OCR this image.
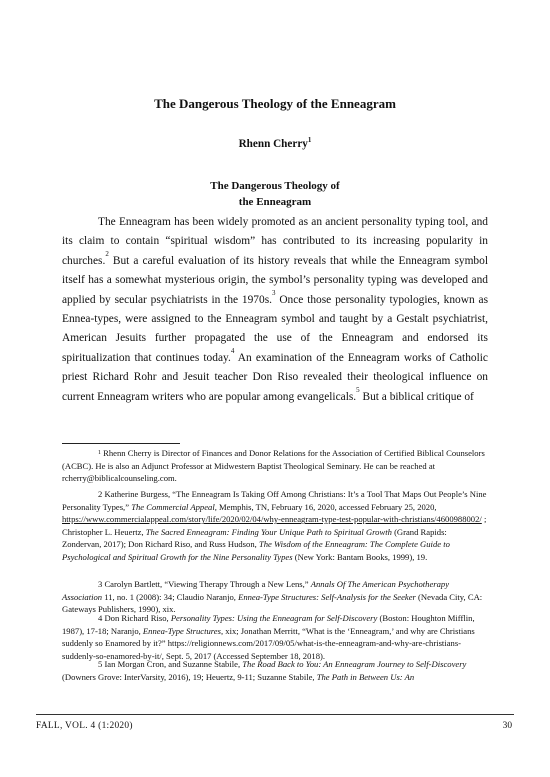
The Dangerous Theology of the Enneagram
Rhenn Cherry$^1$
The Dangerous Theology of
the Enneagram

The Enneagram has been widely promoted as an ancient personality typing tool, and its claim to contain “spiritual wisdom” has contributed to its increasing popularity in churches.$^2$ But a careful evaluation of its history reveals that while the Enneagram symbol itself has a somewhat mysterious origin, the symbol’s personality typing was developed and applied by secular psychiatrists in the 1970s.$^3$ Once those personality typologies, known as Ennea-types, were assigned to the Enneagram symbol and taught by a Gestalt psychiatrist, American Jesuits further propagated the use of the Enneagram and endorsed its spiritualization that continues today.$^4$ An examination of the Enneagram works of Catholic priest Richard Rohr and Jesuit teacher Don Riso revealed their theological influence on current Enneagram writers who are popular among evangelicals.$^5$ But a biblical critique of

$^1$ Rhenn Cherry is Director of Finances and Donor Relations for the Association of Certified Biblical Counselors (ACBC). He is also an Adjunct Professor at Midwestern Baptist Theological Seminary. He can be reached at rcherry@biblicalcounseling.com.

2 Katherine Burgess, “The Enneagram Is Taking Off Among Christians: It’s a Tool That Maps Out People’s Nine Personality Types,” The Commercial Appeal, Memphis, TN, February 16, 2020, accessed February 25, 2020, https://www.commercialappeal.com/story/life/2020/02/04/why-enneagram-type-test-popular-with-christians/4600988002/ ; Christopher L. Heuertz, The Sacred Enneagram: Finding Your Unique Path to Spiritual Growth (Grand Rapids: Zondervan, 2017); Don Richard Riso, and Russ Hudson, The Wisdom of the Enneagram: The Complete Guide to Psychological and Spiritual Growth for the Nine Personality Types (New York: Bantam Books, 1999), 19.

3 Carolyn Bartlett, “Viewing Therapy Through a New Lens,” Annals Of The American Psychotherapy Association 11, no. 1 (2008): 34; Claudio Naranjo, Ennea-Type Structures: Self-Analysis for the Seeker (Nevada City, CA: Gateways Publishers, 1990), xix.

4 Don Richard Riso, Personality Types: Using the Enneagram for Self-Discovery (Boston: Houghton Mifflin, 1987), 17-18; Naranjo, Ennea-Type Structures, xix; Jonathan Merritt, “What is the ‘Enneagram,’ and why are Christians suddenly so Enamored by it?” https://religionnews.com/2017/09/05/what-is-the-enneagram-and-why-are-christians-suddenly-so-enamored-by-it/, Sept. 5, 2017 (Accessed September 18, 2018).

5 Ian Morgan Cron, and Suzanne Stabile, The Road Back to You: An Enneagram Journey to Self-Discovery (Downers Grove: InterVarsity, 2016), 19; Heuertz, 9-11; Suzanne Stabile, The Path in Between Us: An

FALL, VOL. 4 (1:2020)	30
